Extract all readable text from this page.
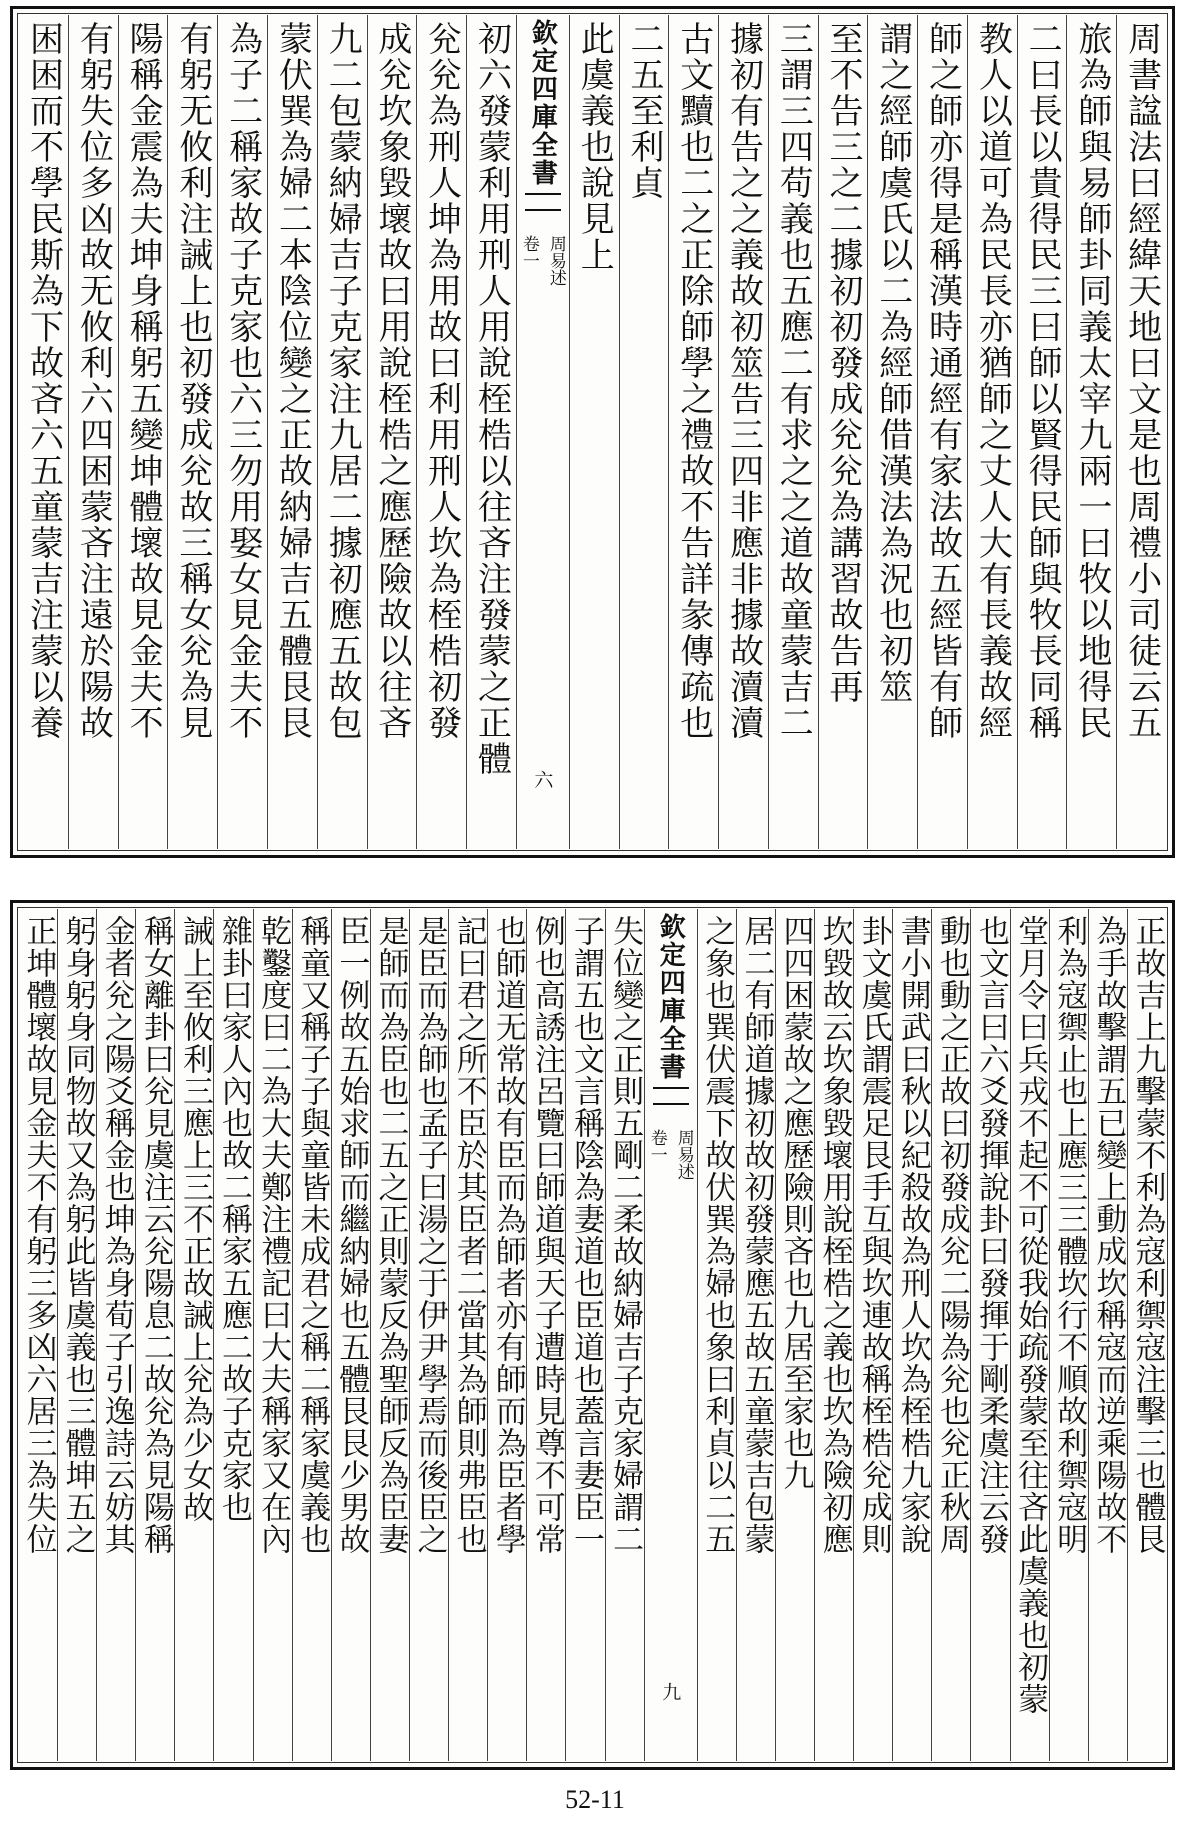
周書諡法曰經緯天地曰文是也周禮小司徒云五
旅為師與易師卦同義太宰九兩一曰牧以地得民
二曰長以貴得民三曰師以賢得民師與牧長同稱
教人以道可為民長亦猶師之丈人大有長義故經
師之師亦得是稱漢時通經有家法故五經皆有師
謂之經師虞氏以二為經師借漢法為況也初筮
至不告三之二據初初發成兊兊為講習故告再
三謂三四苟義也五應二有求之之道故童蒙吉二
據初有告之之義故初筮告三四非應非據故瀆瀆
古文黷也二之正除師學之禮故不告詳彖傳疏也
二五至利貞
此虞義也說見上
欽定四庫全書
周易述
卷一
六
初六發蒙利用刑人用說桎梏以往吝注發蒙之正體
兊兊為刑人坤為用故曰利用刑人坎為桎梏初發
成兊坎象毀壞故曰用說桎梏之應歷險故以往吝
九二包蒙納婦吉子克家注九居二據初應五故包
蒙伏巽為婦二本陰位變之正故納婦吉五體艮艮
為子二稱家故子克家也六三勿用娶女見金夫不
有躬无攸利注誡上也初發成兊故三稱女兊為見
陽稱金震為夫坤身稱躬五變坤體壞故見金夫不
有躬失位多凶故无攸利六四困蒙吝注遠於陽故
困困而不學民斯為下故吝六五童蒙吉注蒙以養
正故吉上九擊蒙不利為寇利禦寇注擊三也體艮
為手故擊謂五已變上動成坎稱寇而逆乘陽故不
利為寇禦止也上應三三體坎行不順故利禦寇明
堂月令曰兵戎不起不可從我始疏發蒙至往吝此虞義也初蒙
也文言曰六爻發揮說卦曰發揮于剛柔虞注云發
動也動之正故曰初發成兊二陽為兊也兊正秋周
書小開武曰秋以紀殺故為刑人坎為桎梏九家說
卦文虞氏謂震足艮手互與坎連故稱桎梏兊成則
坎毀故云坎象毀壞用說桎梏之義也坎為險初應
四四困蒙故之應歷險則吝也九居至家也九
居二有師道據初故初發蒙應五故五童蒙吉包蒙
之象也巽伏震下故伏巽為婦也象曰利貞以二五
欽定四庫全書
周易述
卷一
九
失位變之正則五剛二柔故納婦吉子克家婦謂二
子謂五也文言稱陰為妻道也臣道也蓋言妻臣一
例也高誘注呂覽曰師道與天子遭時見尊不可常
也師道无常故有臣而為師者亦有師而為臣者學
記曰君之所不臣於其臣者二當其為師則弗臣也
是臣而為師也孟子曰湯之于伊尹學焉而後臣之
是師而為臣也二五之正則蒙反為聖師反為臣妻
臣一例故五始求師而繼納婦也五體艮艮少男故
稱童又稱子子與童皆未成君之稱二稱家虞義也
乾鑿度曰二為大夫鄭注禮記曰大夫稱家又在內
雜卦曰家人內也故二稱家五應二故子克家也
誡上至攸利三應上三不正故誡上兊為少女故
稱女離卦曰兊見虞注云兊陽息二故兊為見陽稱
金者兊之陽爻稱金也坤為身荀子引逸詩云妨其
躬身躬身同物故又為躬此皆虞義也三體坤五之
正坤體壞故見金夫不有躬三多凶六居三為失位
52-11
